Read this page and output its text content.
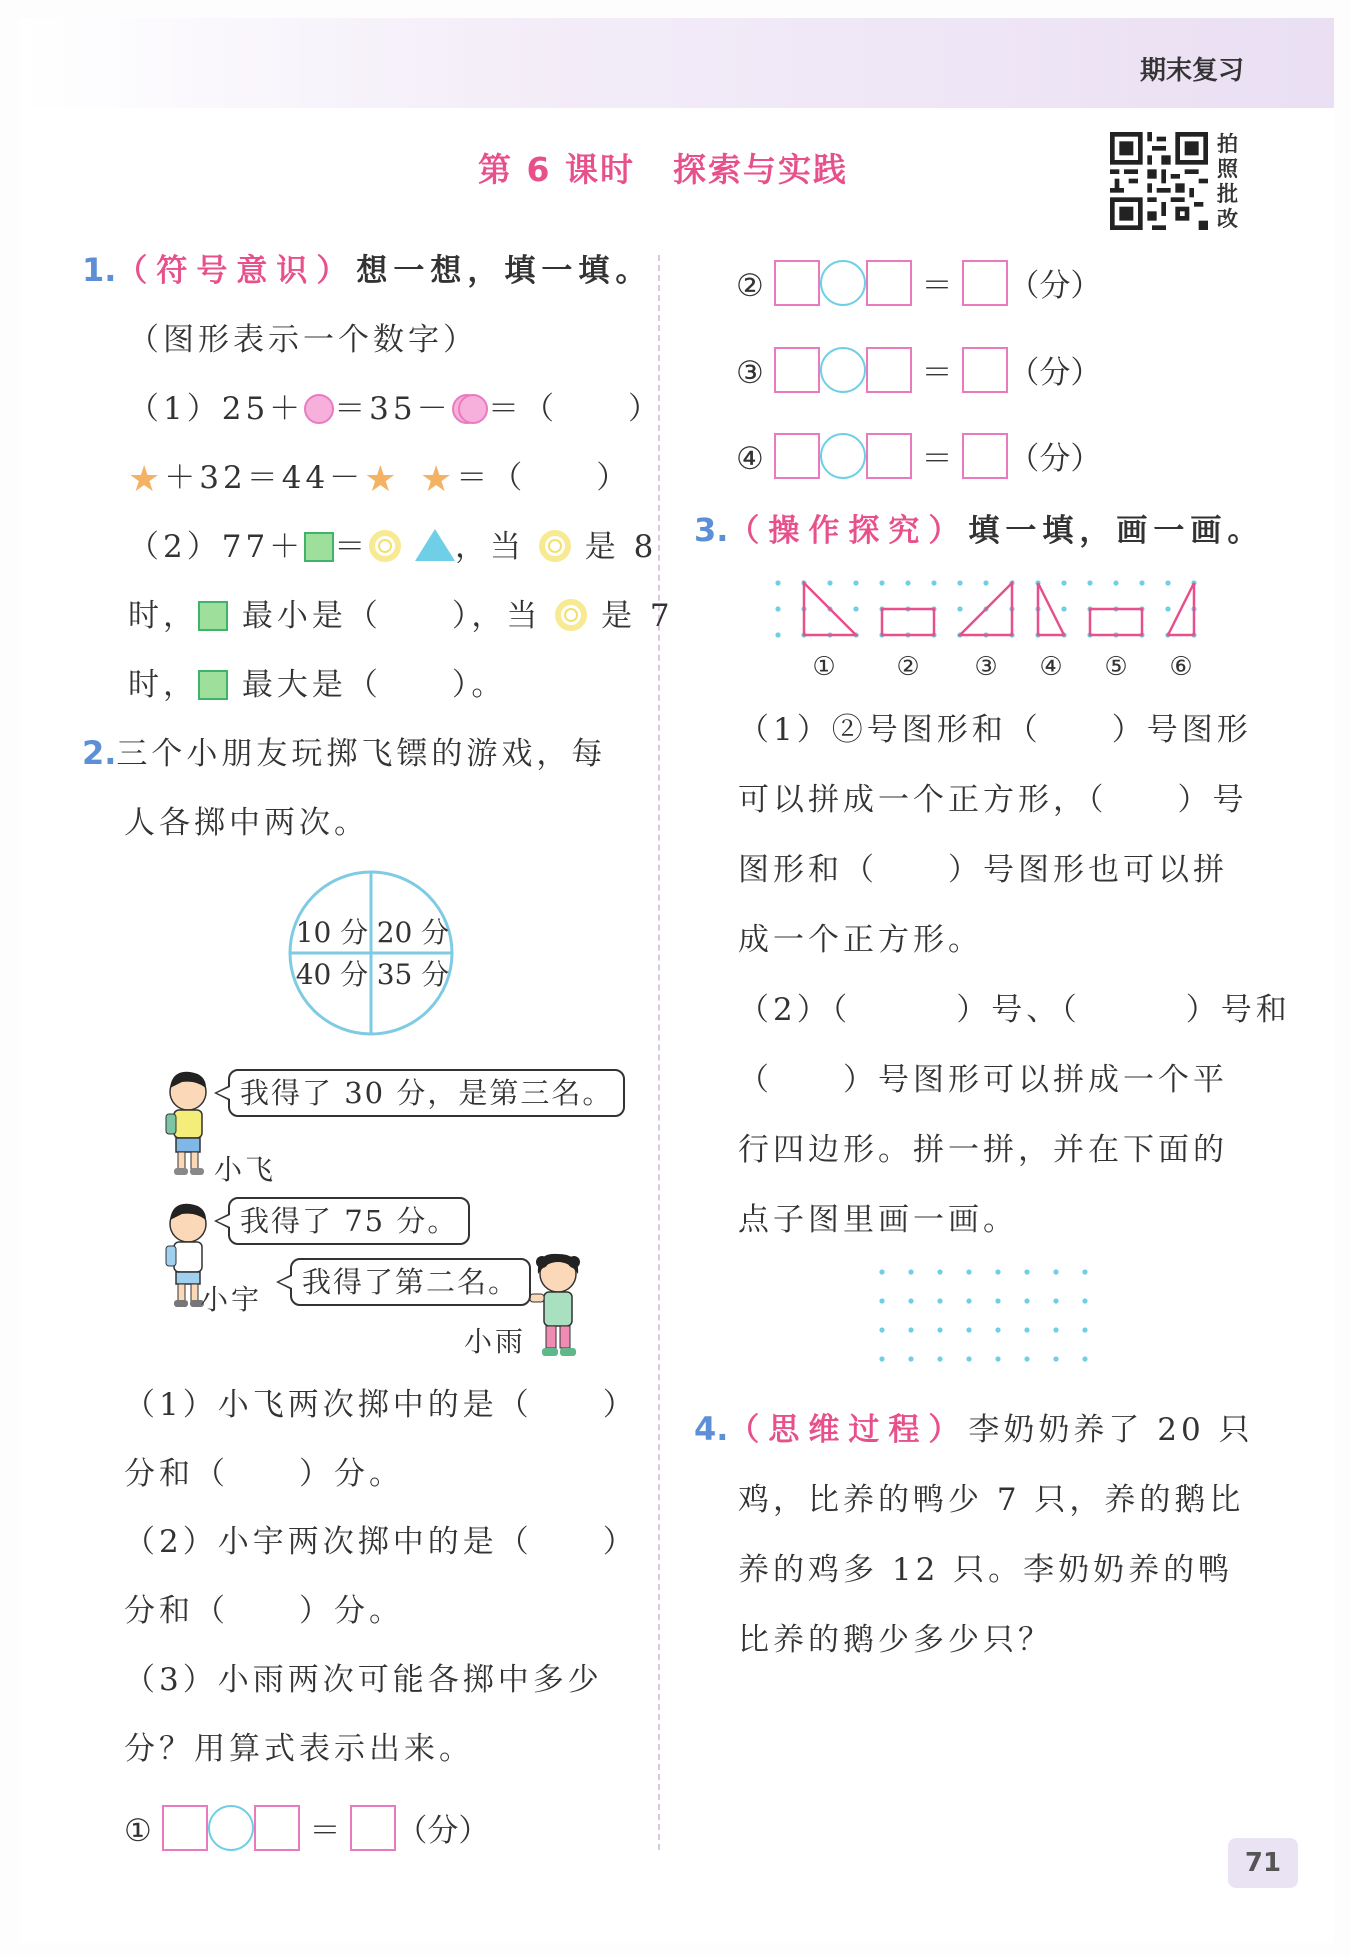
期末复习
第 6 课时 探索与实践
拍照批改
1.（符号意识）想一想，填一填。
（图形表示一个数字）
（1）25＋ ＝35－	＝（　　）
★＋32＝44－★ ★＝（　　）
（2）77＋ ＝	，当 是 8
时， 最小是（　　），当 是 7
时， 最大是（　　）。
2.三个小朋友玩掷飞镖的游戏，每
人各掷中两次。
10 分 20 分
40 分 35 分
我得了 30 分，是第三名。
小飞
我得了 75 分。
小宇
我得了第二名。
小雨
（1）小飞两次掷中的是（　　）
分和（　　）分。
（2）小宇两次掷中的是（　　）
分和（　　）分。
（3）小雨两次可能各掷中多少
分？用算式表示出来。
①	＝ （分）
②	＝ （分）
③	＝ （分）
④	＝ （分）
3.（操作探究）填一填，画一画。
① ② ③ ④ ⑤ ⑥
（1）②号图形和（　　）号图形
可以拼成一个正方形，（　　）号
图形和（　　）号图形也可以拼
成一个正方形。
（2）（　　　）号、（　　　）号和
（　　）号图形可以拼成一个平
行四边形。拼一拼，并在下面的
点子图里画一画。
4.（思维过程）李奶奶养了 20 只
鸡，比养的鸭少 7 只，养的鹅比
养的鸡多 12 只。李奶奶养的鸭
比养的鹅少多少只？
71
